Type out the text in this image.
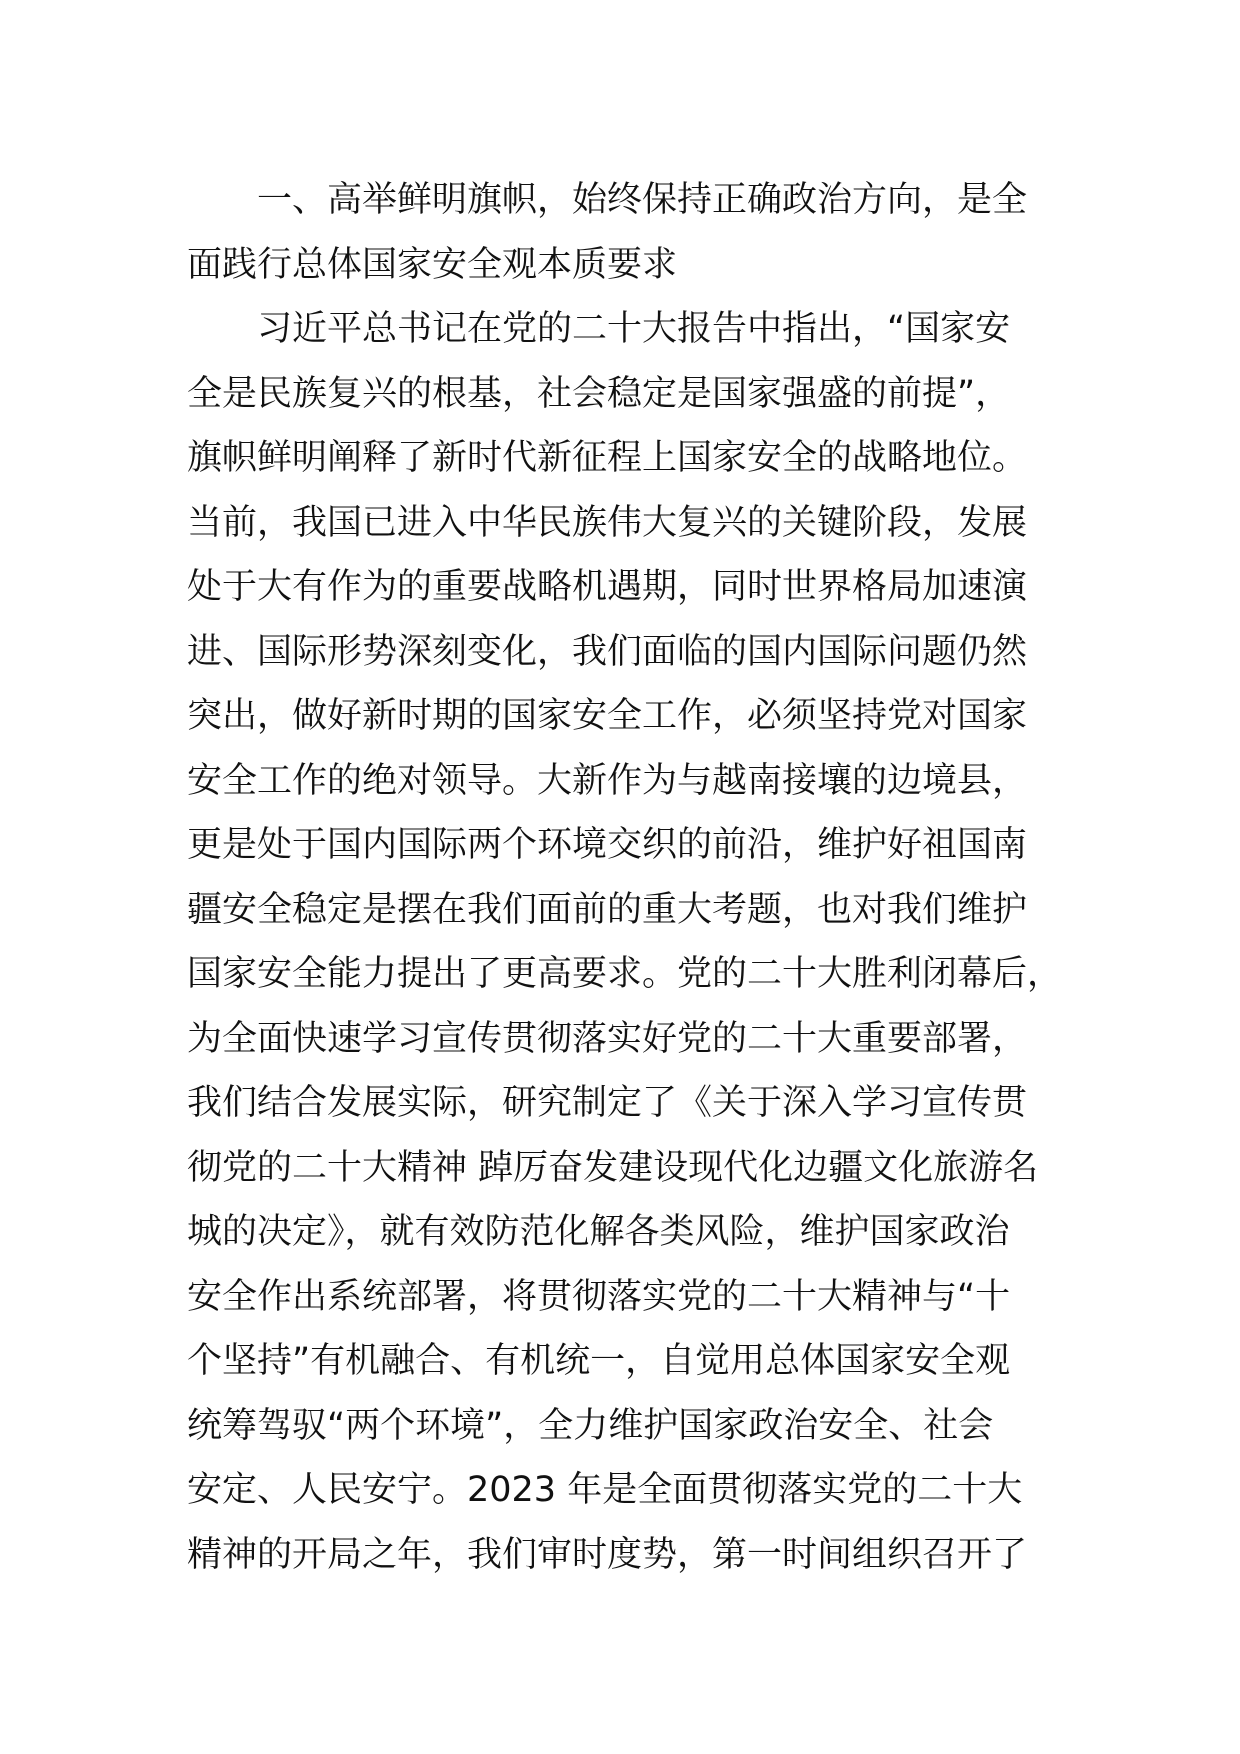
一、高举鲜明旗帜，始终保持正确政治方向，是全
面践行总体国家安全观本质要求
习近平总书记在党的二十大报告中指出，“国家安
全是民族复兴的根基，社会稳定是国家强盛的前提”，
旗帜鲜明阐释了新时代新征程上国家安全的战略地位。
当前，我国已进入中华民族伟大复兴的关键阶段，发展
处于大有作为的重要战略机遇期，同时世界格局加速演
进、国际形势深刻变化，我们面临的国内国际问题仍然
突出，做好新时期的国家安全工作，必须坚持党对国家
安全工作的绝对领导。大新作为与越南接壤的边境县，
更是处于国内国际两个环境交织的前沿，维护好祖国南
疆安全稳定是摆在我们面前的重大考题，也对我们维护
国家安全能力提出了更高要求。党的二十大胜利闭幕后，
为全面快速学习宣传贯彻落实好党的二十大重要部署，
我们结合发展实际，研究制定了《关于深入学习宣传贯
彻党的二十大精神 踔厉奋发建设现代化边疆文化旅游名
城的决定》，就有效防范化解各类风险，维护国家政治
安全作出系统部署，将贯彻落实党的二十大精神与“十
个坚持”有机融合、有机统一，自觉用总体国家安全观
统筹驾驭“两个环境”，全力维护国家政治安全、社会
安定、人民安宁。2023 年是全面贯彻落实党的二十大
精神的开局之年，我们审时度势，第一时间组织召开了
